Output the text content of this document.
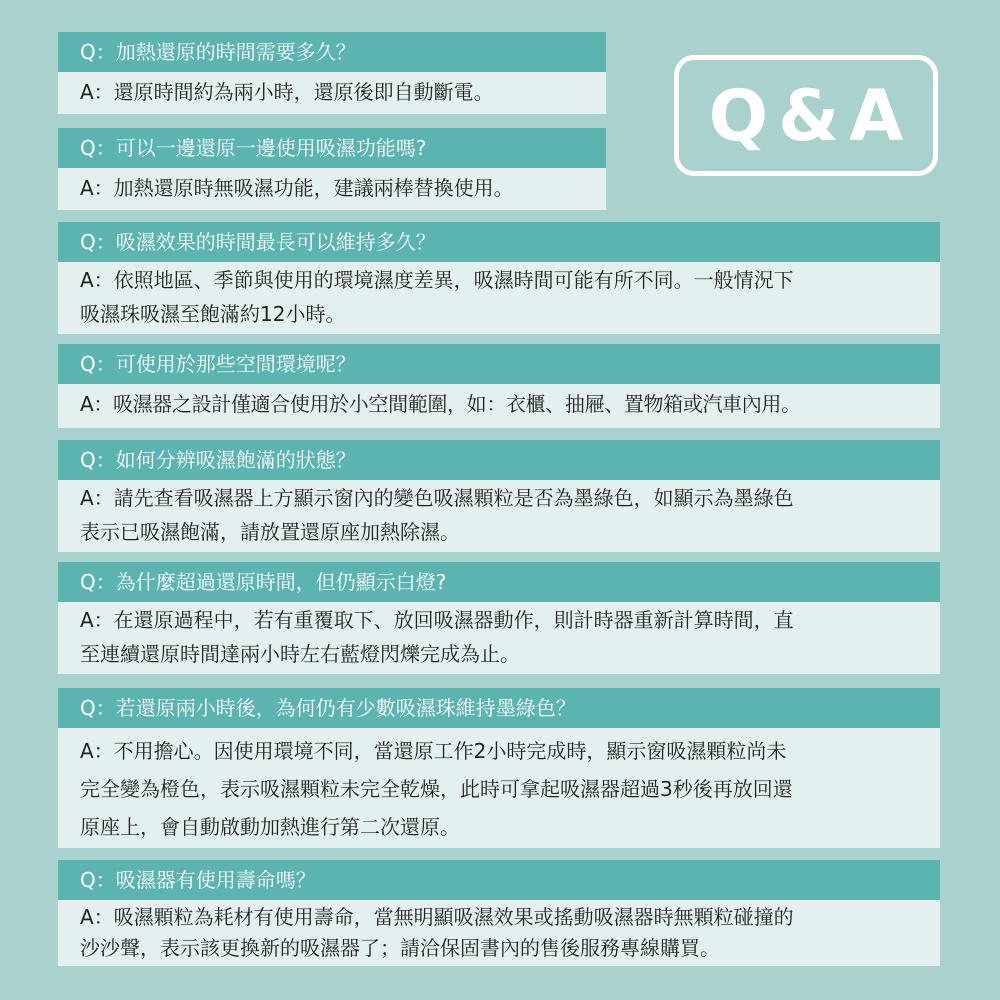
Q&A
Q：加熱還原的時間需要多久？
A：還原時間約為兩小時，還原後即自動斷電。
Q：可以一邊還原一邊使用吸濕功能嗎?
A：加熱還原時無吸濕功能，建議兩棒替換使用。
Q：吸濕效果的時間最長可以維持多久？
A：依照地區、季節與使用的環境濕度差異，吸濕時間可能有所不同。一般情況下
吸濕珠吸濕至飽滿約12小時。
Q：可使用於那些空間環境呢？
A：吸濕器之設計僅適合使用於小空間範圍，如：衣櫃、抽屜、置物箱或汽車內用。
Q：如何分辨吸濕飽滿的狀態？
A：請先查看吸濕器上方顯示窗內的變色吸濕顆粒是否為墨綠色，如顯示為墨綠色
表示已吸濕飽滿，請放置還原座加熱除濕。
Q：為什麼超過還原時間，但仍顯示白燈?
A：在還原過程中，若有重覆取下、放回吸濕器動作，則計時器重新計算時間，直
至連續還原時間達兩小時左右藍燈閃爍完成為止。
Q：若還原兩小時後，為何仍有少數吸濕珠維持墨綠色？
A：不用擔心。因使用環境不同，當還原工作2小時完成時，顯示窗吸濕顆粒尚未
完全變為橙色，表示吸濕顆粒未完全乾燥，此時可拿起吸濕器超過3秒後再放回還
原座上，會自動啟動加熱進行第二次還原。
Q：吸濕器有使用壽命嗎？
A：吸濕顆粒為耗材有使用壽命，當無明顯吸濕效果或搖動吸濕器時無顆粒碰撞的
沙沙聲，表示該更換新的吸濕器了；請洽保固書內的售後服務專線購買。
